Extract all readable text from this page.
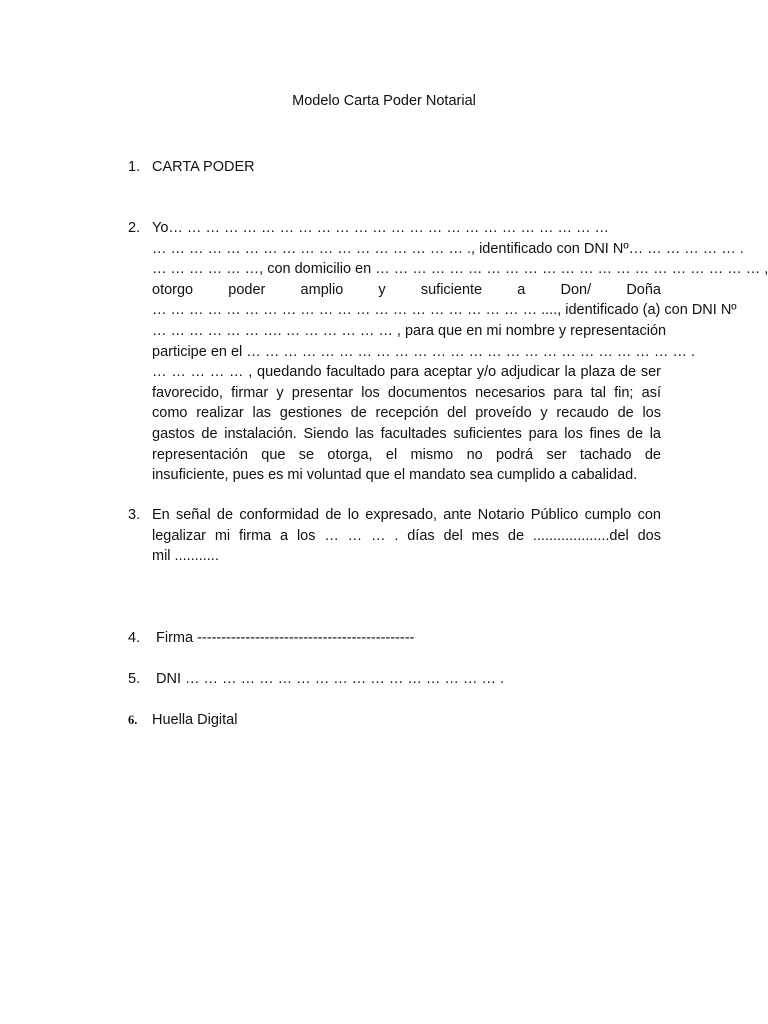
Modelo Carta Poder Notarial
1. CARTA PODER
2. Yo… … … … … … … … … … … … … … … … … … … … … … … …
… … … … … … … … … … … … … … … … … ., identificado con DNI Nº… … … … … … .
… … … … … …, con domicilio en … … … … … … … … … … … … … … … … … … … … … ,
otorgo poder amplio y suficiente a Don/ Doña
… … … … … … … … … … … … … … … … … … … … … ...., identificado (a) con DNI Nº
… … … … … … …. … … … … … … , para que en mi nombre y representación
participe en el … … … … … … … … … … … … … … … … … … … … … … … … .
… … … … … , quedando facultado para aceptar y/o adjudicar la plaza de ser
favorecido, firmar y presentar los documentos necesarios para tal fin; así
como realizar las gestiones de recepción del proveído y recaudo de los
gastos de instalación. Siendo las facultades suficientes para los fines de la
representación que se otorga, el mismo no podrá ser tachado de
insuficiente, pues es mi voluntad que el mandato sea cumplido a cabalidad.
3. En señal de conformidad de lo expresado, ante Notario Público cumplo con
legalizar mi firma a los … … … . días del mes de ...................del dos
mil ...........
4. Firma ---------------------------------------------
5. DNI … … … … … … … … … … … … … … … … … .
6. Huella Digital
